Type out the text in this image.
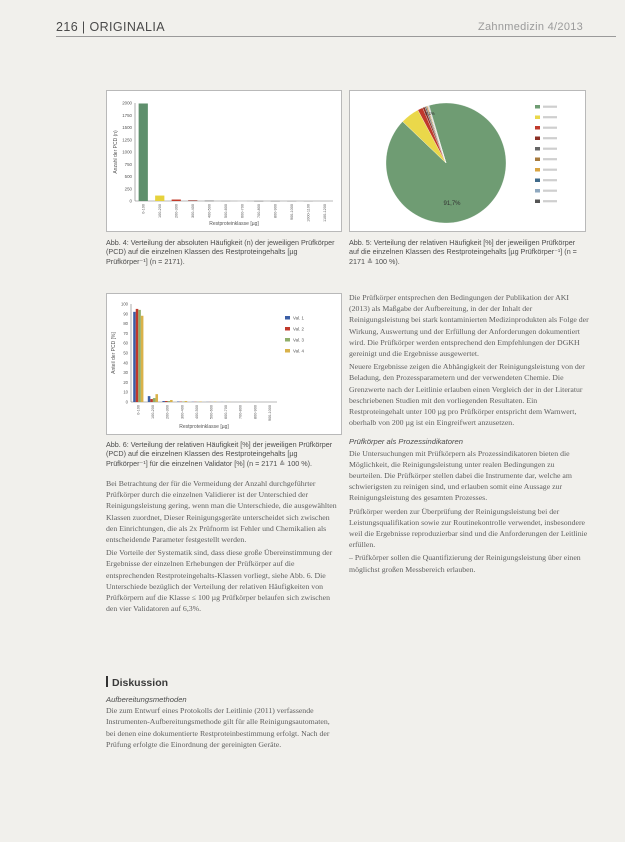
216 | ORIGINALIA	Zahnmedizin 4/2013
0
250
500
750
1000
1250
1500
1750
2000
0-100	100-200	200-300	300-400	400-500	500-600	600-700	700-800	800-900	900-1000	1000-1100	1100-1200
Anzahl der PCD (n)
Restproteinklasse [µg]
Abb. 4: Verteilung der absoluten Häufigkeit (n) der jeweiligen Prüfkörper (PCD) auf die einzelnen Klassen des Restproteingehalts [µg Prüfkörper⁻¹] (n = 2171).
91,7%
5,1%
Abb. 5: Verteilung der relativen Häufigkeit [%] der jeweiligen Prüfkörper auf die einzelnen Klassen des Restproteingehalts [µg Prüfkörper⁻¹] (n = 2171 ≙ 100 %).
0
10
20
30
40
50
60
70
80
90
100
0-100	100-200	200-300	300-400	400-500	500-600	600-700	700-800	800-900	900-1000
Val. 1
Val. 2
Val. 3
Val. 4
Anteil der PCD [%]
Restproteinklasse [µg]
Abb. 6: Verteilung der relativen Häufigkeit [%] der jeweiligen Prüfkörper (PCD) auf die einzelnen Klassen des Restproteingehalts [µg Prüfkörper⁻¹] für die einzelnen Validator [%] (n = 2171 ≙ 100 %).

Bei Betrachtung der für die Vermeidung der Anzahl durchgeführter Prüfkörper durch die einzelnen Validierer ist der Unterschied der Reinigungsleistung gering, wenn man die Unterschiede, die ausgewählten Klassen zuordnet, Dieser Reinigungsgeräte unterscheidet sich zwischen den Einrichtungen, die als 2x Prüfnorm ist Fehler und Chemikalien als entscheidende Parameter festgestellt werden.

Die Vorteile der Systematik sind, dass diese große Übereinstimmung der Ergebnisse der einzelnen Erhebungen der Prüfkörper auf die entsprechenden Restproteingehalts-Klassen vorliegt, siehe Abb. 6. Die Unterschiede bezüglich der Verteilung der relativen Häufigkeiten von Prüfkörpern auf die Klasse ≤ 100 µg Prüfkörper belaufen sich zwischen den vier Validatoren auf 6,3%.

Diskussion

Aufbereitungsmethoden

Die zum Entwurf eines Protokolls der Leitlinie (2011) verfassende Instrumenten-Aufbereitungsmethode gilt für alle Reinigungsautomaten, bei denen eine dokumentierte Restproteinbestimmung erfolgt. Nach der Prüfung erfolgte die Einordnung der gereinigten Geräte.

Die Prüfkörper entsprechen den Bedingungen der Publikation der AKI (2013) als Maßgabe der Aufbereitung, in der der Inhalt der Reinigungsleistung bei stark kontaminierten Medizinprodukten als Folge der Wirkung, Auswertung und der Erfüllung der Anforderungen dokumentiert wird. Die Prüfkörper werden entsprechend den Empfehlungen der DGKH gereinigt und die Ergebnisse ausgewertet.

Neuere Ergebnisse zeigen die Abhängigkeit der Reinigungsleistung von der Beladung, den Prozessparametern und der verwendeten Chemie. Die Grenzwerte nach der Leitlinie erlauben einen Vergleich der in der Literatur beschriebenen Studien mit den vorliegenden Resultaten. Ein Restproteingehalt unter 100 µg pro Prüfkörper entspricht dem Warnwert, oberhalb von 200 µg ist ein Eingreifwert anzusetzen.

Prüfkörper als Prozessindikatoren

Die Untersuchungen mit Prüfkörpern als Prozessindikatoren bieten die Möglichkeit, die Reinigungsleistung unter realen Bedingungen zu beurteilen. Die Prüfkörper stellen dabei die Instrumente dar, welche am schwierigsten zu reinigen sind, und erlauben somit eine Aussage zur Reinigungsleistung des gesamten Prozesses.

Prüfkörper werden zur Überprüfung der Reinigungsleistung bei der Leistungsqualifikation sowie zur Routinekontrolle verwendet, insbesondere weil die Ergebnisse reproduzierbar sind und die Anforderungen der Leitlinie erfüllen.

– Prüfkörper sollen die Quantifizierung der Reinigungsleistung über einen möglichst großen Messbereich erlauben.
